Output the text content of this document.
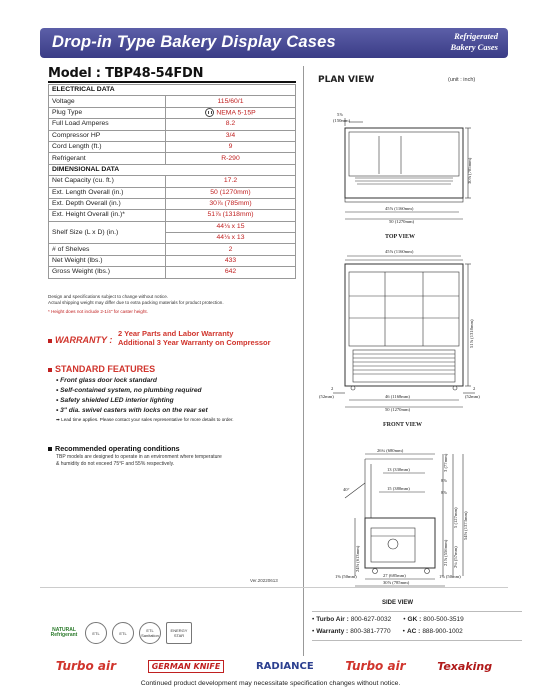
Drop-in Type Bakery Display Cases	Refrigerated
Bakery Cases
Model : TBP48-54FDN
ELECTRICAL DATA	
Voltage	115/60/1
Plug Type	NEMA 5-15P
Full Load Amperes	8.2
Compressor HP	3/4
Cord Length (ft.)	9
Refrigerant	R-290
DIMENSIONAL DATA	
Net Capacity (cu. ft.)	17.2
Ext. Length Overall (in.)	50 (1270mm)
Ext. Depth Overall (in.)	30⅞ (785mm)
Ext. Height Overall (in.)*	51⅞ (1318mm)
Shelf Size (L x D) (in.)	44⅛ x 15
	44⅛ x 13
# of Shelves	2
Net Weight (lbs.)	433
Gross Weight (lbs.)	642
Design and specifications subject to change without notice.
Actual shipping weight may differ due to extra packing materials for product protection.
* Height does not include 2-1/4" for caster height.
WARRANTY :
2 Year Parts and Labor Warranty
Additional 3 Year Warranty on Compressor
STANDARD FEATURES
• Front glass door lock standard
• Self-contained system, no plumbing required
• Safety shielded LED interior lighting
• 3" dia. swivel casters with locks on the rear set
➡ Lead time applies. Please contact your sales representative for more details to order.
Recommended operating conditions
TBP models are designed to operate in an environment where temperature
& humidity do not exceed 75°F and 55% respectively.
Ver.20220613
PLAN VIEW	(unit : inch)
5⅞
(150mm)
45⅞ (1160mm)
50 (1270mm)
30⅞ (785mm)
45⅞ (1160mm)
51⅞ (1318mm)
2
(52mm)	46 (1168mm)
2
(52mm)
50 (1270mm)
26¾ (680mm)
13 (330mm)
15 (380mm)
3 (77mm)
8⅞
8⅞
5 (127mm) 54⅛ (1373mm)
21⅞ (556mm) 2¼ (57mm)
24⅛ (613mm)
40°
1⅝ (50mm)	27 (685mm)	1⅝ (50mm)
30⅞ (785mm)
TOP VIEW
FRONT VIEW
SIDE VIEW
• Turbo Air : 800-627-0032 • GK : 800-500-3519
• Warranty : 800-381-7770 • AC : 888-900-1002
NATURAL Refrigerant	ETL	ETL	ETL Sanitation
ENERGY STAR
Turbo air	GERMAN KNIFE	RADIANCE	Turbo air	Texaking
Continued product development may necessitate specification changes without notice.
